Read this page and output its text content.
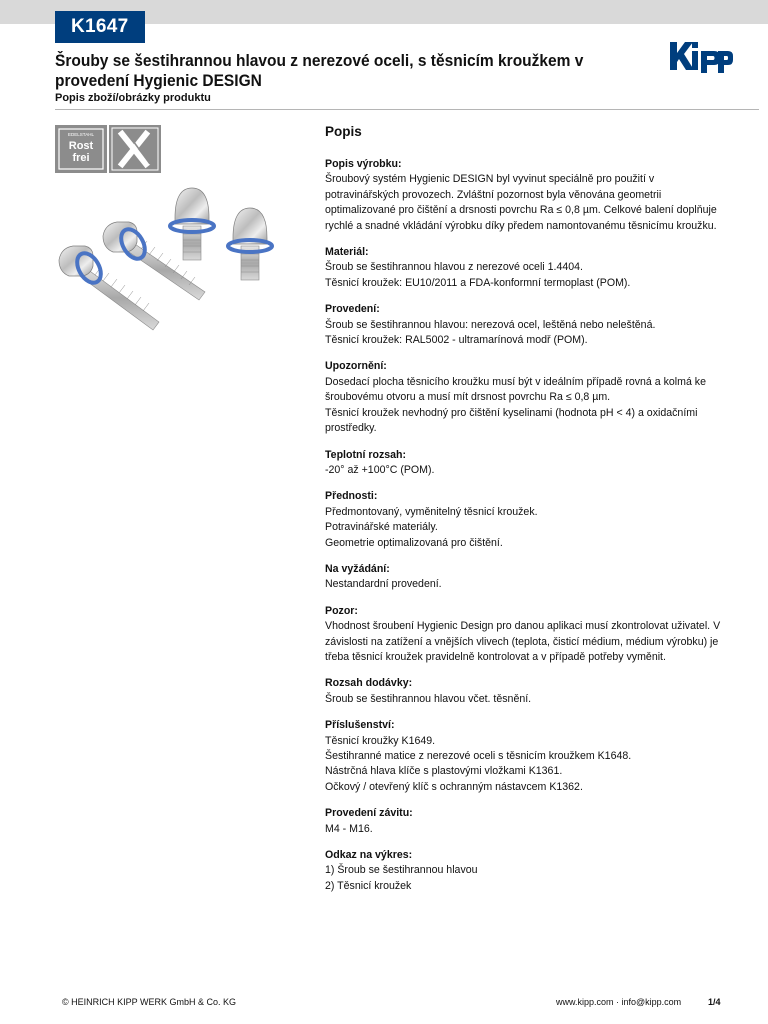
K1647
Šrouby se šestihrannou hlavou z nerezové oceli, s těsnicím kroužkem v provedení Hygienic DESIGN
Popis zboží/obrázky produktu
EDELSTAHL
Rost
frei
Popis
Popis výrobku:
Šroubový systém Hygienic DESIGN byl vyvinut speciálně pro použití v
potravinářských provozech. Zvláštní pozornost byla věnována geometrii
optimalizované pro čištění a drsnosti povrchu Ra ≤ 0,8 µm. Celkové balení doplňuje
rychlé a snadné vkládání výrobku díky předem namontovanému těsnicímu kroužku.
Materiál:
Šroub se šestihrannou hlavou z nerezové oceli 1.4404.
Těsnicí kroužek: EU10/2011 a FDA-konformní termoplast (POM).
Provedení:
Šroub se šestihrannou hlavou: nerezová ocel, leštěná nebo neleštěná.
Těsnicí kroužek: RAL5002 - ultramarínová modř (POM).
Upozornění:
Dosedací plocha těsnicího kroužku musí být v ideálním případě rovná a kolmá ke
šroubovému otvoru a musí mít drsnost povrchu Ra ≤ 0,8 µm.
Těsnicí kroužek nevhodný pro čištění kyselinami (hodnota pH < 4) a oxidačními
prostředky.
Teplotní rozsah:
-20° až +100°C (POM).
Přednosti:
Předmontovaný, vyměnitelný těsnicí kroužek.
Potravinářské materiály.
Geometrie optimalizovaná pro čištění.
Na vyžádání:
Nestandardní provedení.
Pozor:
Vhodnost šroubení Hygienic Design pro danou aplikaci musí zkontrolovat uživatel. V
závislosti na zatížení a vnějších vlivech (teplota, čisticí médium, médium výrobku) je
třeba těsnicí kroužek pravidelně kontrolovat a v případě potřeby vyměnit.
Rozsah dodávky:
Šroub se šestihrannou hlavou včet. těsnění.
Příslušenství:
Těsnicí kroužky K1649.
Šestihranné matice z nerezové oceli s těsnicím kroužkem K1648.
Nástrčná hlava klíče s plastovými vložkami K1361.
Očkový / otevřený klíč s ochranným nástavcem K1362.
Provedení závitu:
M4 - M16.
Odkaz na výkres:
1) Šroub se šestihrannou hlavou
2) Těsnicí kroužek
© HEINRICH KIPP WERK GmbH & Co. KG	www.kipp.com · info@kipp.com	1/4
